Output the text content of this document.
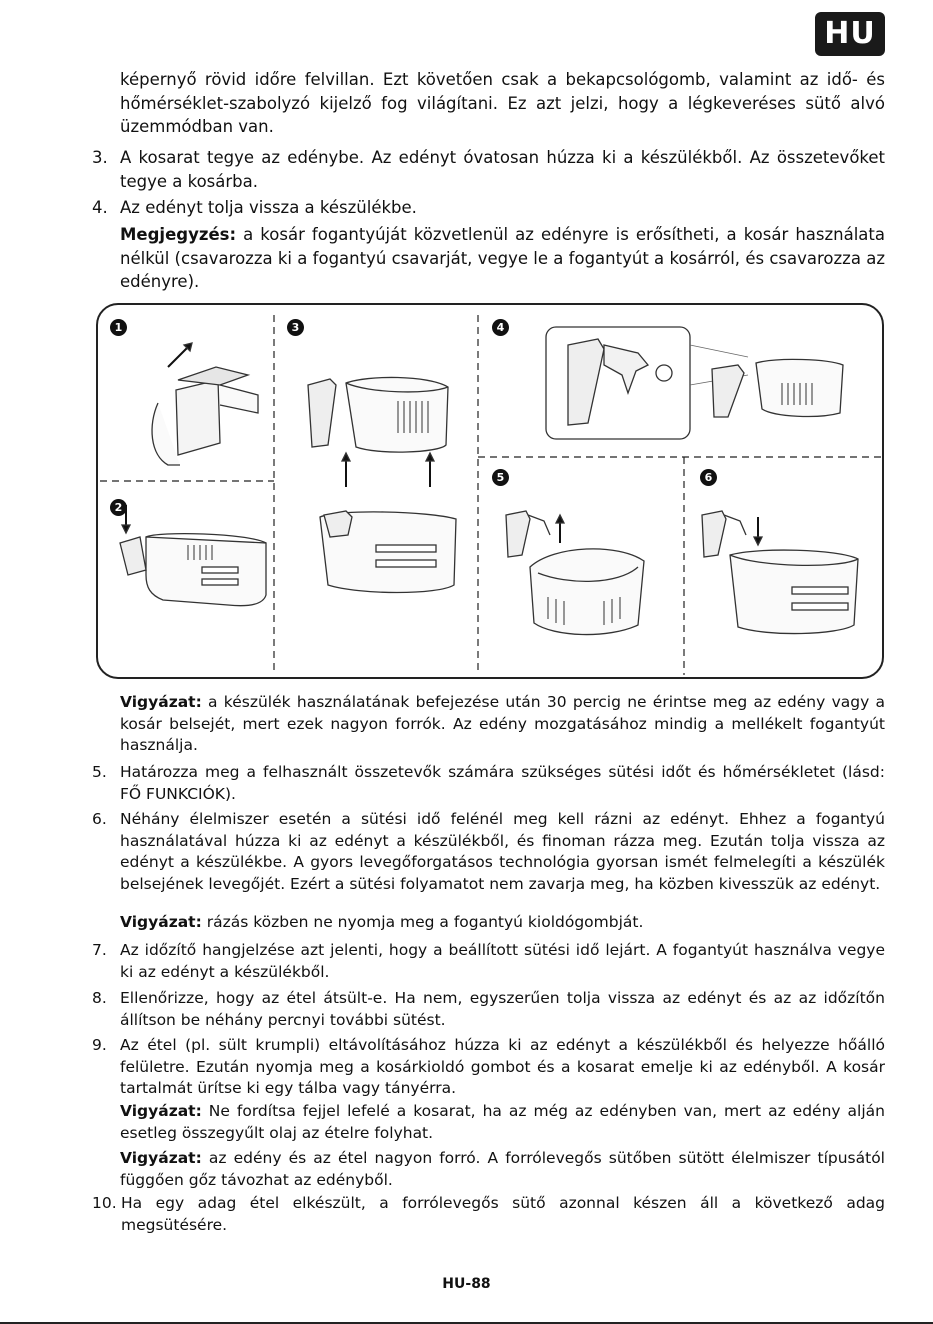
HU

képernyő rövid időre felvillan. Ezt követően csak a bekapcsológomb, valamint az idő- és hőmérséklet-szabolyzó kijelző fog világítani. Ez azt jelzi, hogy a légkeveréses sütő alvó üzemmódban van.

3. A kosarat tegye az edénybe. Az edényt óvatosan húzza ki a készülékből. Az összetevőket tegye a kosárba.
4. Az edényt tolja vissza a készülékbe.

Megjegyzés: a kosár fogantyúját közvetlenül az edényre is erősítheti, a kosár használata nélkül (csavarozza ki a fogantyú csavarját, vegye le a fogantyút a kosárról, és csavarozza az edényre).

1
2
3	4
5	6

Vigyázat: a készülék használatának befejezése után 30 percig ne érintse meg az edény vagy a kosár belsejét, mert ezek nagyon forrók. Az edény mozgatásához mindig a mellékelt fogantyút használja.

5. Határozza meg a felhasznált összetevők számára szükséges sütési időt és hőmérsékletet (lásd: FŐ FUNKCIÓK).
6. Néhány élelmiszer esetén a sütési idő felénél meg kell rázni az edényt. Ehhez a fogantyú használatával húzza ki az edényt a készülékből, és finoman rázza meg. Ezután tolja vissza az edényt a készülékbe. A gyors levegőforgatásos technológia gyorsan ismét felmelegíti a készülék belsejének levegőjét. Ezért a sütési folyamatot nem zavarja meg, ha közben kivesszük az edényt.

Vigyázat: rázás közben ne nyomja meg a fogantyú kioldógombját.

7. Az időzítő hangjelzése azt jelenti, hogy a beállított sütési idő lejárt. A fogantyút használva vegye ki az edényt a készülékből.
8. Ellenőrizze, hogy az étel átsült-e. Ha nem, egyszerűen tolja vissza az edényt és az az időzítőn állítson be néhány percnyi további sütést.
9. Az étel (pl. sült krumpli) eltávolításához húzza ki az edényt a készülékből és helyezze hőálló felületre. Ezután nyomja meg a kosárkioldó gombot és a kosarat emelje ki az edényből. A kosár tartalmát ürítse ki egy tálba vagy tányérra.

Vigyázat: Ne fordítsa fejjel lefelé a kosarat, ha az még az edényben van, mert az edény alján esetleg összegyűlt olaj az ételre folyhat.

Vigyázat: az edény és az étel nagyon forró. A forrólevegős sütőben sütött élelmiszer típusától függően gőz távozhat az edényből.

10. Ha egy adag étel elkészült, a forrólevegős sütő azonnal készen áll a következő adag megsütésére.
HU-88
